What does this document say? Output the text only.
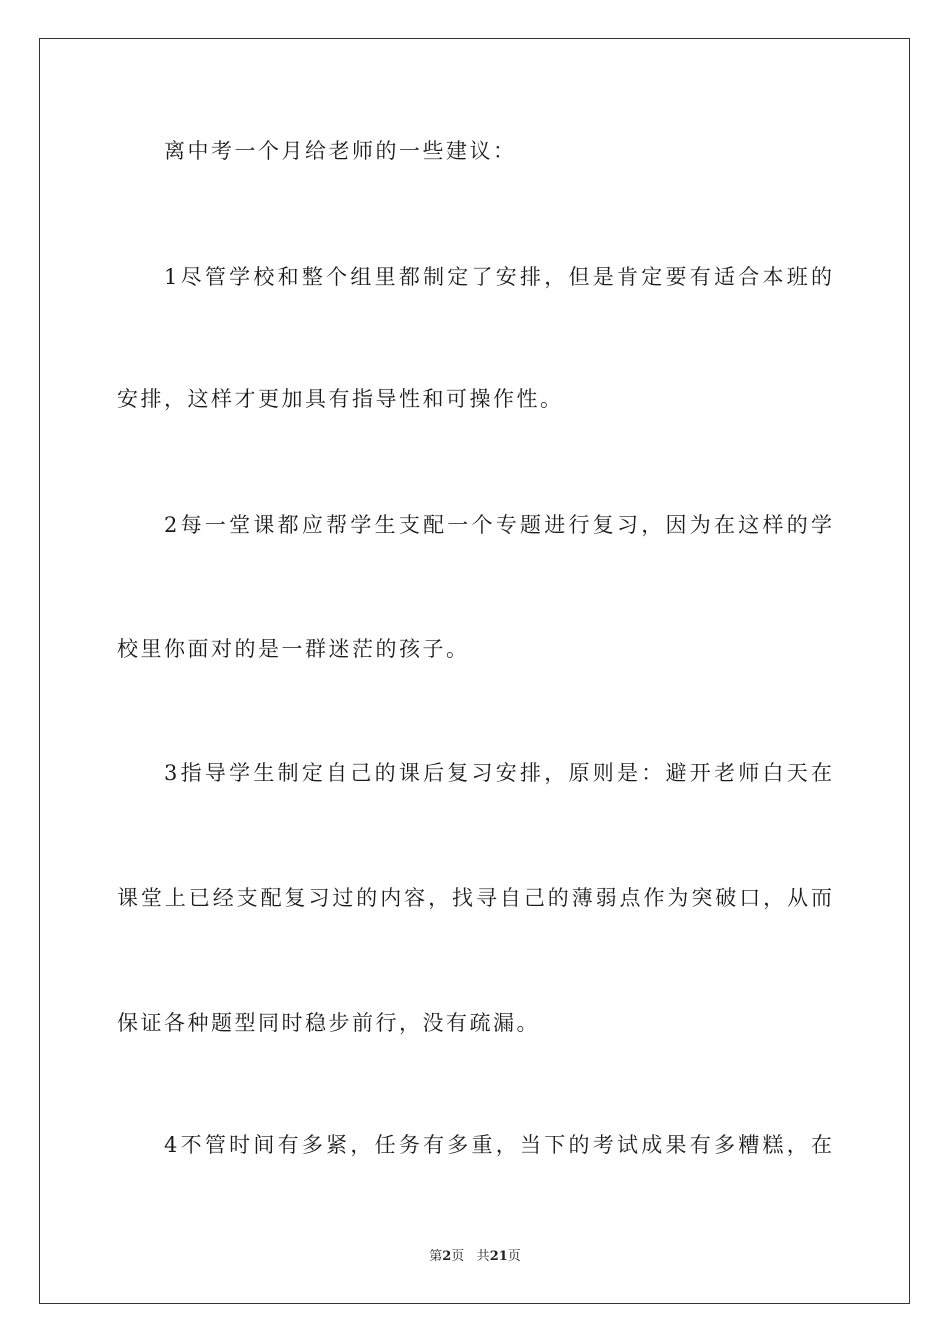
离中考一个月给老师的一些建议：
1尽管学校和整个组里都制定了安排，但是肯定要有适合本班的
安排，这样才更加具有指导性和可操作性。
2每一堂课都应帮学生支配一个专题进行复习，因为在这样的学
校里你面对的是一群迷茫的孩子。
3指导学生制定自己的课后复习安排，原则是：避开老师白天在
课堂上已经支配复习过的内容，找寻自己的薄弱点作为突破口，从而
保证各种题型同时稳步前行，没有疏漏。
4不管时间有多紧，任务有多重，当下的考试成果有多糟糕，在
第2页 共21页
